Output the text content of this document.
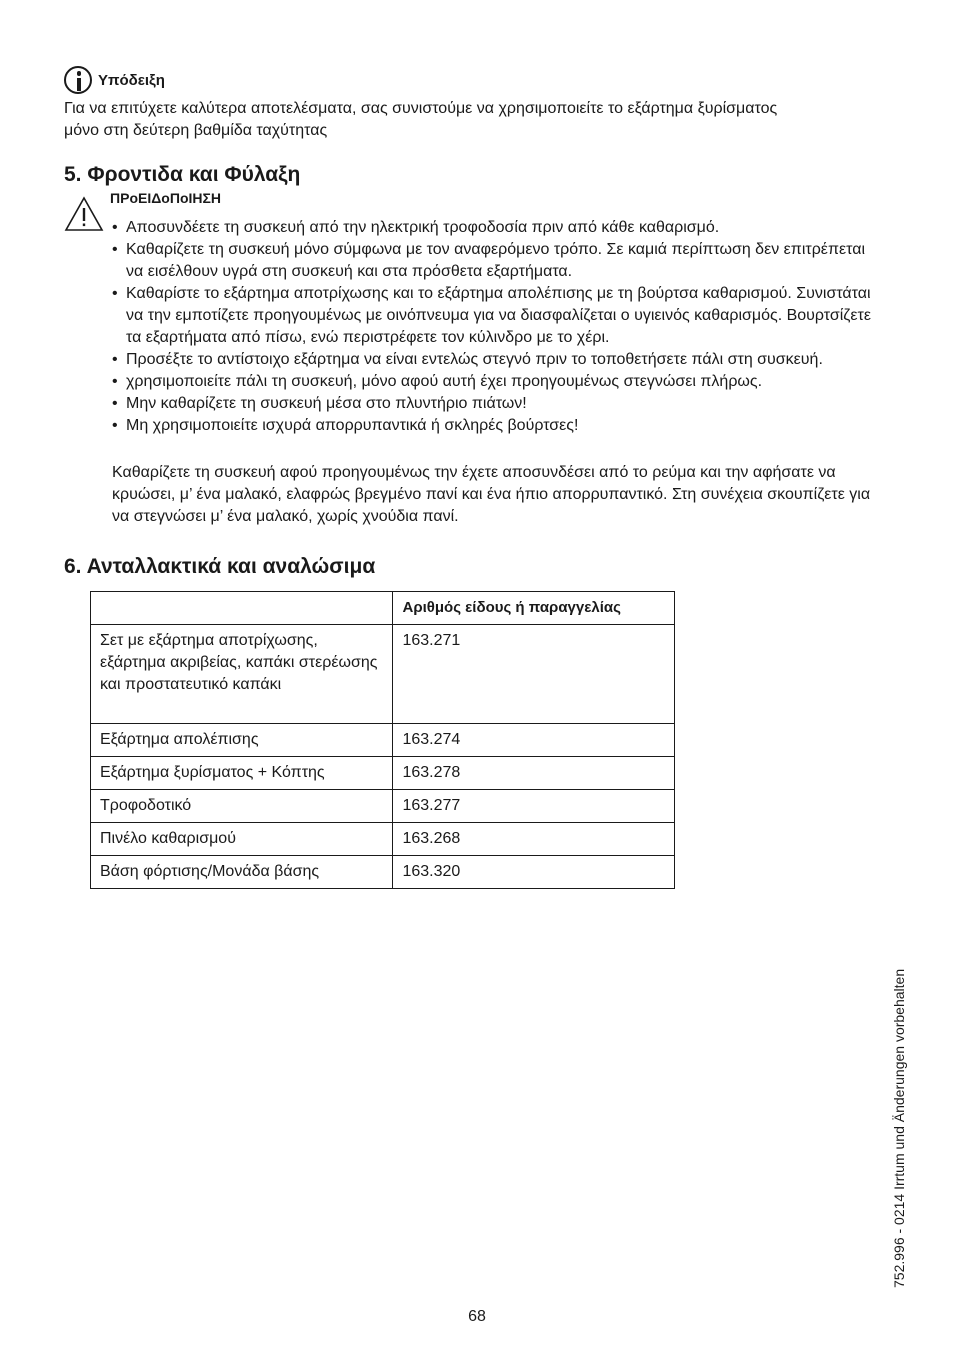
Υπόδειξη
Για να επιτύχετε καλύτερα αποτελέσματα, σας συνιστούμε να χρησιμοποιείτε το εξάρτημα ξυρίσματος
μόνο στη δεύτερη βαθμίδα ταχύτητας
5. Φροντιδα και Φύλαξη
ΠΡοΕΙΔοΠοΙΗΣΗ
• Αποσυνδέετε τη συσκευή από την ηλεκτρική τροφοδοσία πριν από κάθε καθαρισμό.
• Καθαρίζετε τη συσκευή μόνο σύμφωνα με τον αναφερόμενο τρόπο. Σε καμιά περίπτωση δεν επιτρέπεται να εισέλθουν υγρά στη συσκευή και στα πρόσθετα εξαρτήματα.
• Καθαρίστε το εξάρτημα αποτρίχωσης και το εξάρτημα απολέπισης με τη βούρτσα καθαρισμού. Συνιστάται να την εμποτίζετε προηγουμένως με οινόπνευμα για να διασφαλίζεται ο υγιεινός καθαρισμός. Βουρτσίζετε τα εξαρτήματα από πίσω, ενώ περιστρέφετε τον κύλινδρο με το χέρι.
• Προσέξτε το αντίστοιχο εξάρτημα να είναι εντελώς στεγνό πριν το τοποθετήσετε πάλι στη συσκευή.
• χρησιμοποιείτε πάλι τη συσκευή, μόνο αφού αυτή έχει προηγουμένως στεγνώσει πλήρως.
• Μην καθαρίζετε τη συσκευή μέσα στο πλυντήριο πιάτων!
• Μη χρησιμοποιείτε ισχυρά απορρυπαντικά ή σκληρές βούρτσες!
Καθαρίζετε τη συσκευή αφού προηγουμένως την έχετε αποσυνδέσει από το ρεύμα και την αφήσατε να κρυώσει, μ’ ένα μαλακό, ελαφρώς βρεγμένο πανί και ένα ήπιο απορρυπαντικό. Στη συνέχεια σκουπίζετε για να στεγνώσει μ’ ένα μαλακό, χωρίς χνούδια πανί.
6. Ανταλλακτικά και αναλώσιμα
	Αριθμός είδους ή παραγγελίας
Σετ με εξάρτημα αποτρίχωσης, εξάρτημα ακριβείας, καπάκι στερέωσης και προστατευτικό καπάκι	163.271
Εξάρτημα απολέπισης	163.274
Εξάρτημα ξυρίσματος + Κόπτης	163.278
Τροφοδοτικό	163.277
Πινέλο καθαρισμού	163.268
Βάση φόρτισης/Μονάδα βάσης	163.320
752.996 - 0214 Irrtum und Änderungen vorbehalten
68
